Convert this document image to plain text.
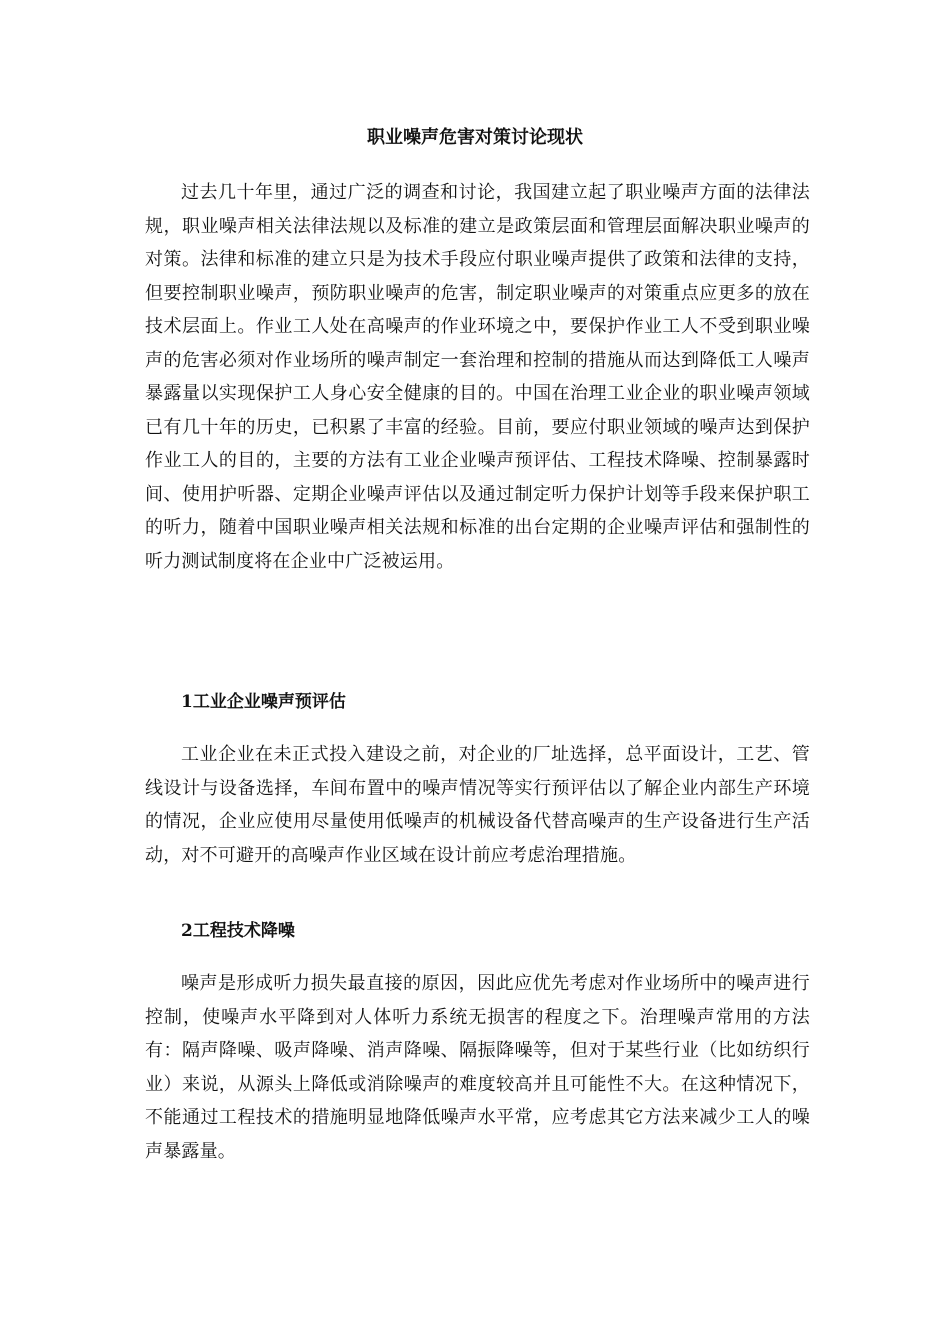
职业噪声危害对策讨论现状

过去几十年里，通过广泛的调查和讨论，我国建立起了职业噪声方面的法律法规，职业噪声相关法律法规以及标准的建立是政策层面和管理层面解决职业噪声的对策。法律和标准的建立只是为技术手段应付职业噪声提供了政策和法律的支持，但要控制职业噪声，预防职业噪声的危害，制定职业噪声的对策重点应更多的放在技术层面上。作业工人处在高噪声的作业环境之中，要保护作业工人不受到职业噪声的危害必须对作业场所的噪声制定一套治理和控制的措施从而达到降低工人噪声暴露量以实现保护工人身心安全健康的目的。中国在治理工业企业的职业噪声领域已有几十年的历史，已积累了丰富的经验。目前，要应付职业领域的噪声达到保护作业工人的目的，主要的方法有工业企业噪声预评估、工程技术降噪、控制暴露时间、使用护听器、定期企业噪声评估以及通过制定听力保护计划等手段来保护职工的听力，随着中国职业噪声相关法规和标准的出台定期的企业噪声评估和强制性的听力测试制度将在企业中广泛被运用。

1工业企业噪声预评估

工业企业在未正式投入建设之前，对企业的厂址选择，总平面设计，工艺、管线设计与设备选择，车间布置中的噪声情况等实行预评估以了解企业内部生产环境的情况，企业应使用尽量使用低噪声的机械设备代替高噪声的生产设备进行生产活动，对不可避开的高噪声作业区域在设计前应考虑治理措施。

2工程技术降噪

噪声是形成听力损失最直接的原因，因此应优先考虑对作业场所中的噪声进行控制，使噪声水平降到对人体听力系统无损害的程度之下。治理噪声常用的方法有：隔声降噪、吸声降噪、消声降噪、隔振降噪等，但对于某些行业（比如纺织行业）来说，从源头上降低或消除噪声的难度较高并且可能性不大。在这种情况下，不能通过工程技术的措施明显地降低噪声水平常，应考虑其它方法来减少工人的噪声暴露量。
